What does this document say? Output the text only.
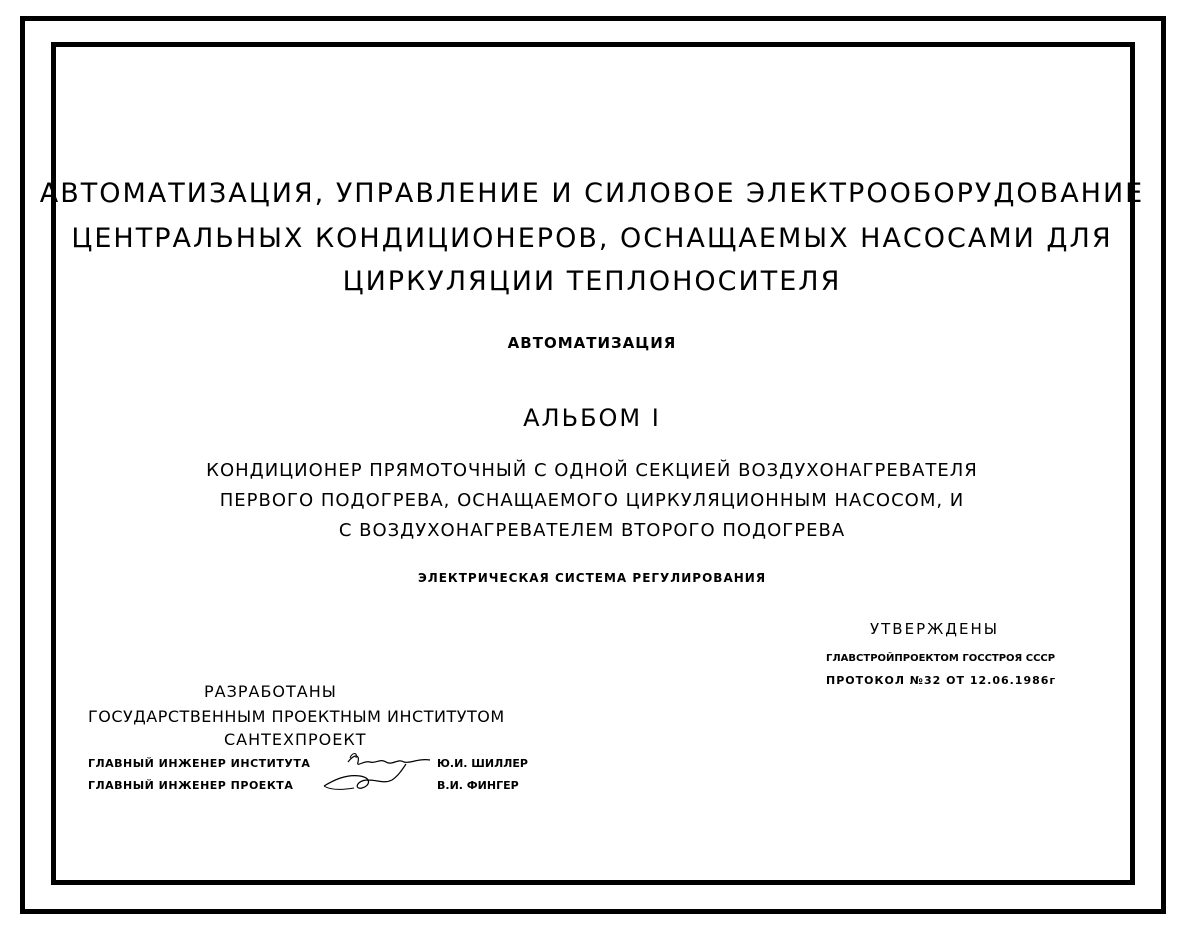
АВТОМАТИЗАЦИЯ, УПРАВЛЕНИЕ И СИЛОВОЕ ЭЛЕКТРООБОРУДОВАНИЕ
ЦЕНТРАЛЬНЫХ КОНДИЦИОНЕРОВ, ОСНАЩАЕМЫХ НАСОСАМИ ДЛЯ
ЦИРКУЛЯЦИИ ТЕПЛОНОСИТЕЛЯ
АВТОМАТИЗАЦИЯ
АЛЬБОМ I
КОНДИЦИОНЕР ПРЯМОТОЧНЫЙ С ОДНОЙ СЕКЦИЕЙ ВОЗДУХОНАГРЕВАТЕЛЯ
ПЕРВОГО ПОДОГРЕВА, ОСНАЩАЕМОГО ЦИРКУЛЯЦИОННЫМ НАСОСОМ, И
С ВОЗДУХОНАГРЕВАТЕЛЕМ ВТОРОГО ПОДОГРЕВА
ЭЛЕКТРИЧЕСКАЯ СИСТЕМА РЕГУЛИРОВАНИЯ
УТВЕРЖДЕНЫ
ГЛАВСТРОЙПРОЕКТОМ ГОССТРОЯ СССР
ПРОТОКОЛ №32 ОТ 12.06.1986г
РАЗРАБОТАНЫ
ГОСУДАРСТВЕННЫМ ПРОЕКТНЫМ ИНСТИТУТОМ
САНТЕХПРОЕКТ
ГЛАВНЫЙ ИНЖЕНЕР ИНСТИТУТА	Ю.И. ШИЛЛЕР
ГЛАВНЫЙ ИНЖЕНЕР ПРОЕКТА	В.И. ФИНГЕР
